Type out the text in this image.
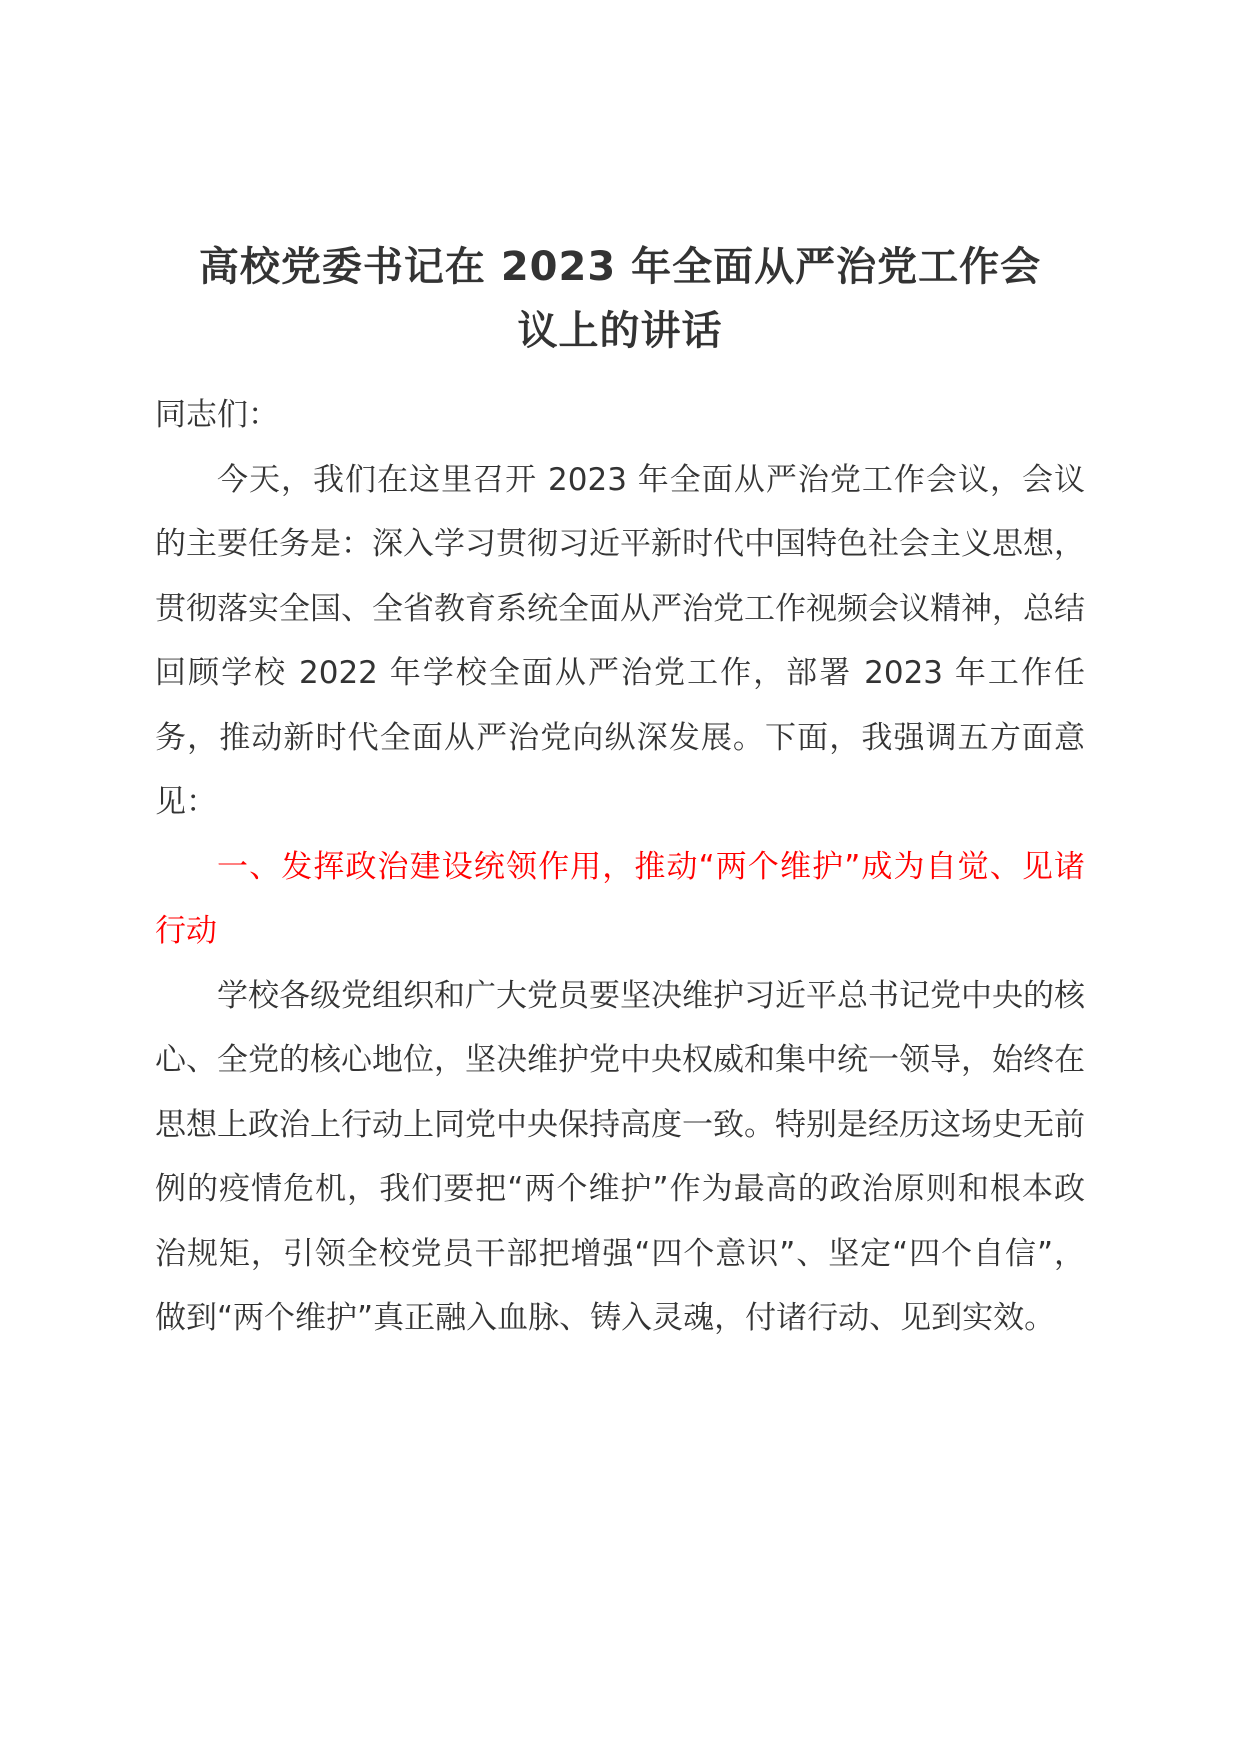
高校党委书记在 2023 年全面从严治党工作会
议上的讲话

同志们：

今天，我们在这里召开 2023 年全面从严治党工作会议，会议的主要任务是：深入学习贯彻习近平新时代中国特色社会主义思想，贯彻落实全国、全省教育系统全面从严治党工作视频会议精神，总结回顾学校 2022 年学校全面从严治党工作，部署 2023 年工作任务，推动新时代全面从严治党向纵深发展。下面，我强调五方面意见：

一、发挥政治建设统领作用，推动“两个维护”成为自觉、见诸行动

学校各级党组织和广大党员要坚决维护习近平总书记党中央的核心、全党的核心地位，坚决维护党中央权威和集中统一领导，始终在思想上政治上行动上同党中央保持高度一致。特别是经历这场史无前例的疫情危机，我们要把“两个维护”作为最高的政治原则和根本政治规矩，引领全校党员干部把增强“四个意识”、坚定“四个自信”，做到“两个维护”真正融入血脉、铸入灵魂，付诸行动、见到实效。
